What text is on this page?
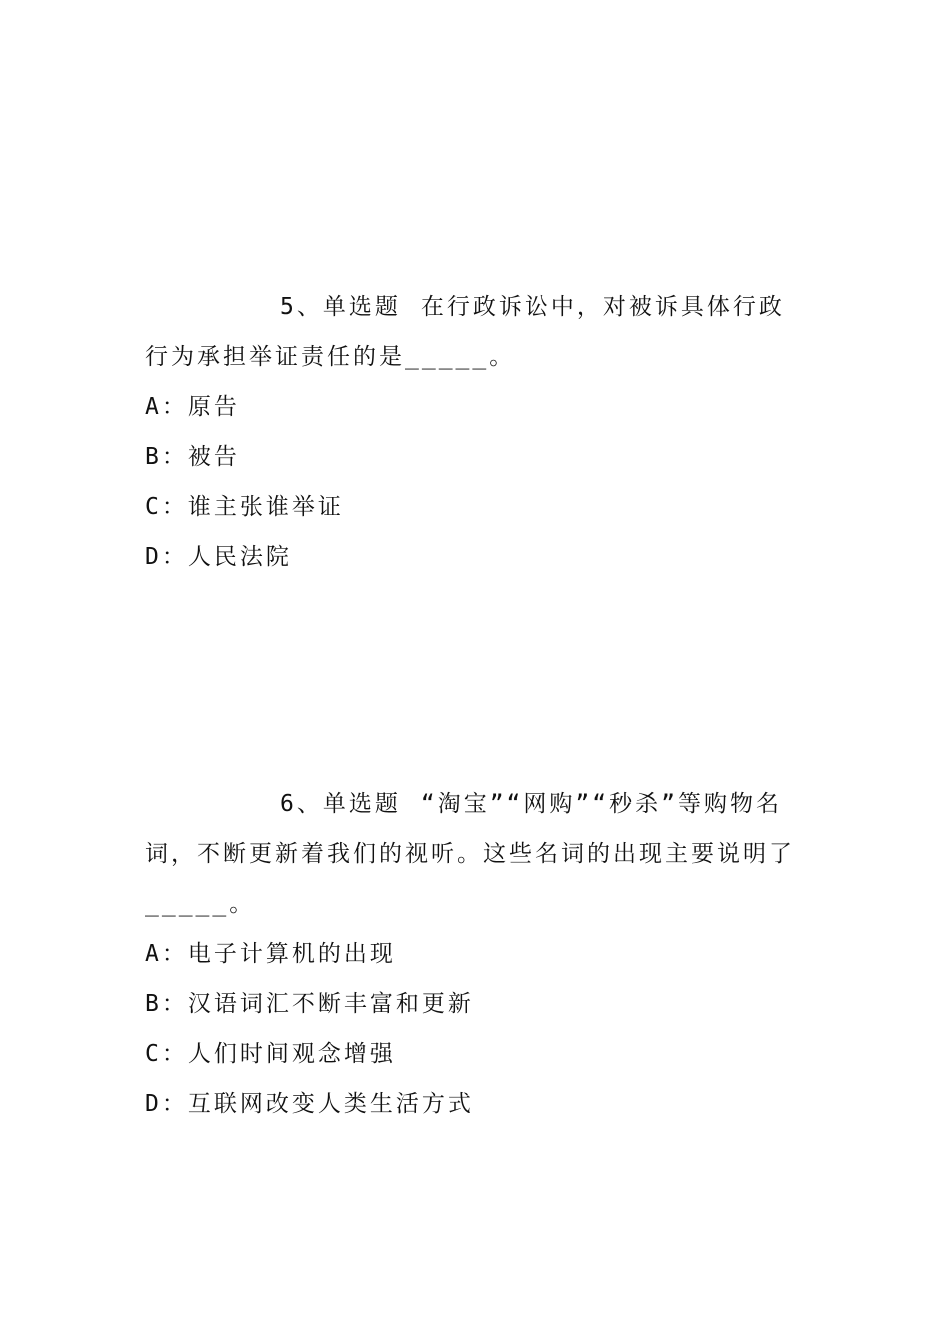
5、单选题 在行政诉讼中，对被诉具体行政行为承担举证责任的是_____。

A：原告
B：被告
C：谁主张谁举证
D：人民法院

6、单选题 “淘宝”“网购”“秒杀”等购物名词，不断更新着我们的视听。这些名词的出现主要说明了_____。

A：电子计算机的出现
B：汉语词汇不断丰富和更新
C：人们时间观念增强
D：互联网改变人类生活方式
